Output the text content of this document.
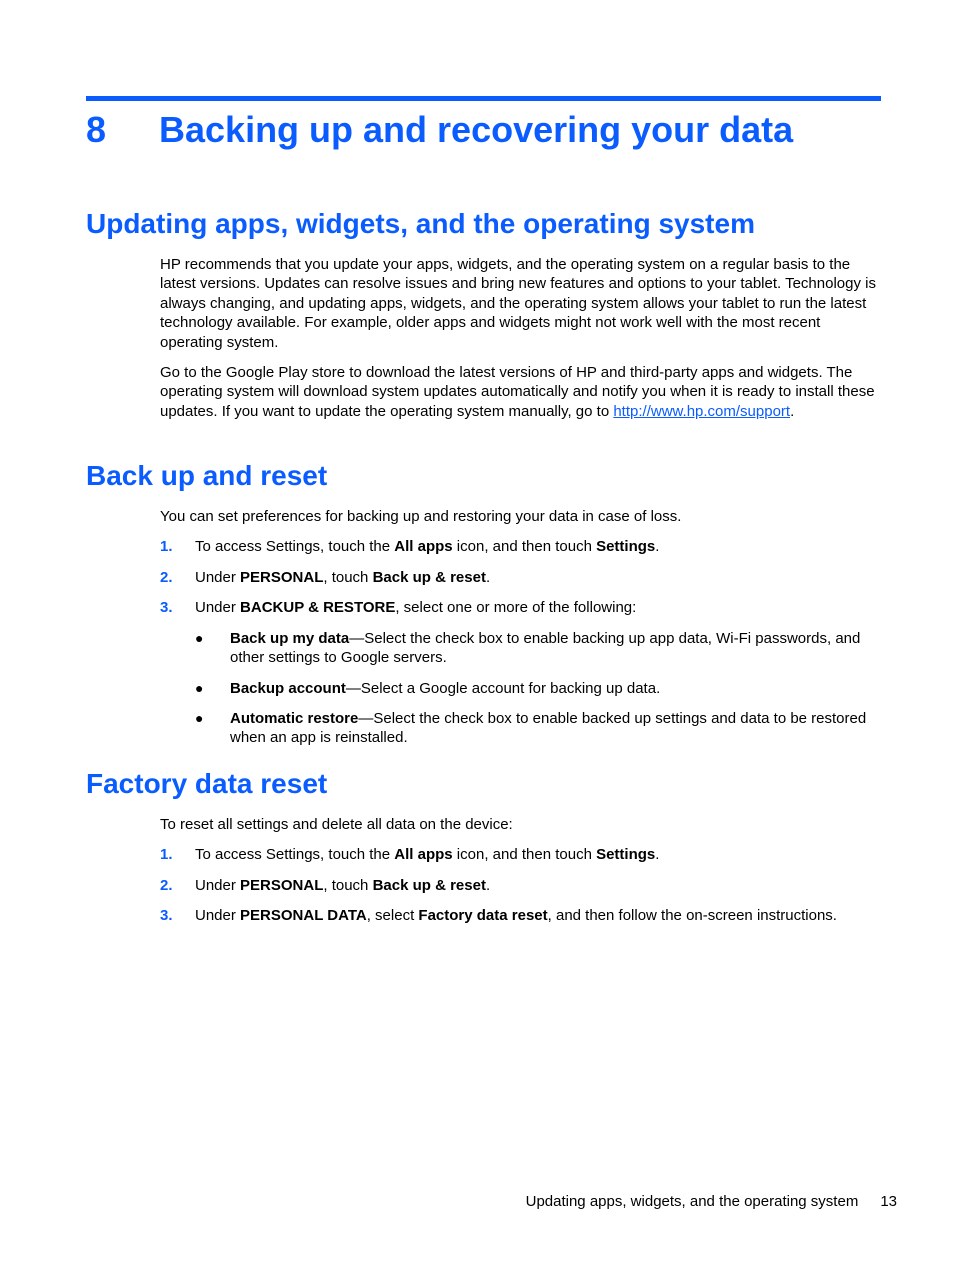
8 Backing up and recovering your data
Updating apps, widgets, and the operating system

HP recommends that you update your apps, widgets, and the operating system on a regular basis to the latest versions. Updates can resolve issues and bring new features and options to your tablet. Technology is always changing, and updating apps, widgets, and the operating system allows your tablet to run the latest technology available. For example, older apps and widgets might not work well with the most recent operating system.

Go to the Google Play store to download the latest versions of HP and third-party apps and widgets. The operating system will download system updates automatically and notify you when it is ready to install these updates. If you want to update the operating system manually, go to http://www.hp.com/support.

Back up and reset

You can set preferences for backing up and restoring your data in case of loss.

1. To access Settings, touch the All apps icon, and then touch Settings.
2. Under PERSONAL, touch Back up & reset.
3. Under BACKUP & RESTORE, select one or more of the following:
● Back up my data—Select the check box to enable backing up app data, Wi-Fi passwords, and other settings to Google servers.
● Backup account—Select a Google account for backing up data.
● Automatic restore—Select the check box to enable backed up settings and data to be restored when an app is reinstalled.
Factory data reset

To reset all settings and delete all data on the device:

1. To access Settings, touch the All apps icon, and then touch Settings.
2. Under PERSONAL, touch Back up & reset.
3. Under PERSONAL DATA, select Factory data reset, and then follow the on-screen instructions.
Updating apps, widgets, and the operating system 13
